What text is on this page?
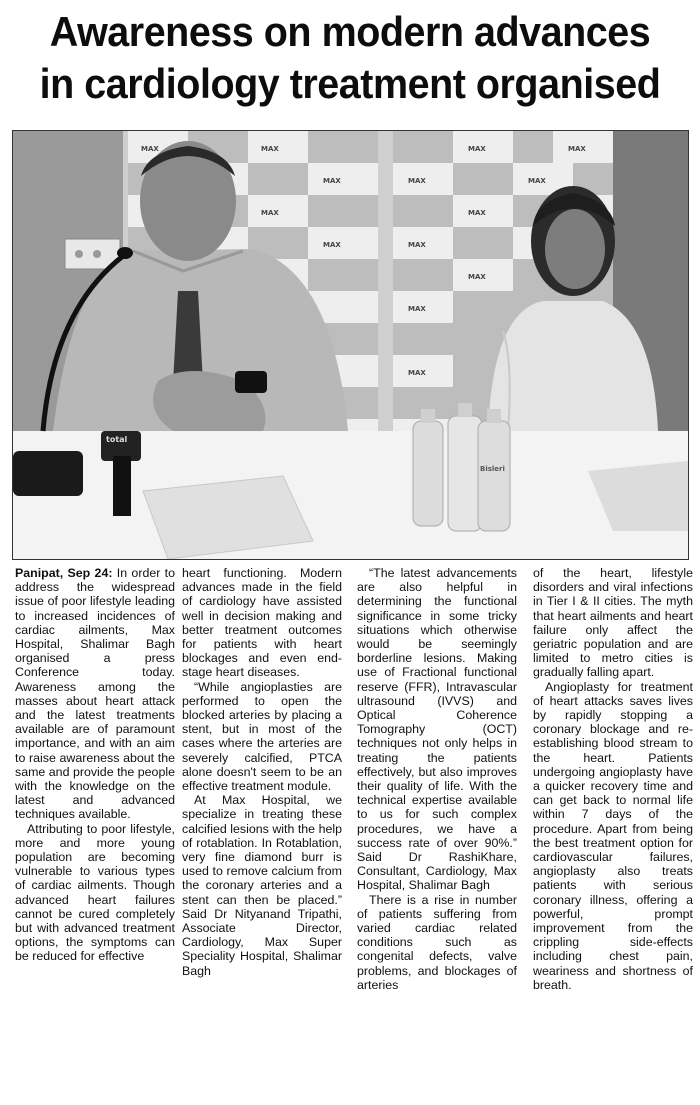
Awareness on modern advances
in cardiology treatment organised
MAX	MAX
MAX
MAX
MAX
MAX	MAX
MAX	MAX
MAX
MAX
MAX
MAX
MAX
total
Bisleri

Panipat, Sep 24: In order to address the widespread issue of poor lifestyle leading to increased incidences of cardiac ailments, Max Hospital, Shalimar Bagh organised a press Conference today. Awareness among the masses about heart attack and the latest treatments available are of paramount importance, and with an aim to raise awareness about the same and provide the people with the knowledge on the latest and advanced techniques available.

Attributing to poor lifestyle, more and more young population are becoming vulnerable to various types of cardiac ailments. Though advanced heart failures cannot be cured completely but with advanced treatment options, the symptoms can be reduced for effective

heart functioning. Modern advances made in the field of cardiology have assisted well in decision making and better treatment outcomes for patients with heart blockages and even end-stage heart diseases.

“While angioplasties are performed to open the blocked arteries by placing a stent, but in most of the cases where the arteries are severely calcified, PTCA alone doesn't seem to be an effective treatment module.

At Max Hospital, we specialize in treating these calcified lesions with the help of rotablation. In Rotablation, very fine diamond burr is used to remove calcium from the coronary arteries and a stent can then be placed.” Said Dr Nityanand Tripathi, Associate Director, Cardiology, Max Super Speciality Hospital, Shalimar Bagh

“The latest advancements are also helpful in determining the functional significance in some tricky situations which otherwise would be seemingly borderline lesions. Making use of Fractional functional reserve (FFR), Intravascular ultrasound (IVVS) and Optical Coherence Tomography (OCT) techniques not only helps in treating the patients effectively, but also improves their quality of life. With the technical expertise available to us for such complex procedures, we have a success rate of over 90%.” Said Dr RashiKhare, Consultant, Cardiology, Max Hospital, Shalimar Bagh

There is a rise in number of patients suffering from varied cardiac related conditions such as congenital defects, valve problems, and blockages of arteries

of the heart, lifestyle disorders and viral infections in Tier I & II cities. The myth that heart ailments and heart failure only affect the geriatric population and are limited to metro cities is gradually falling apart.

Angioplasty for treatment of heart attacks saves lives by rapidly stopping a coronary blockage and re-establishing blood stream to the heart. Patients undergoing angioplasty have a quicker recovery time and can get back to normal life within 7 days of the procedure. Apart from being the best treatment option for cardiovascular failures, angioplasty also treats patients with serious coronary illness, offering a powerful, prompt improvement from the crippling side-effects including chest pain, weariness and shortness of breath.
